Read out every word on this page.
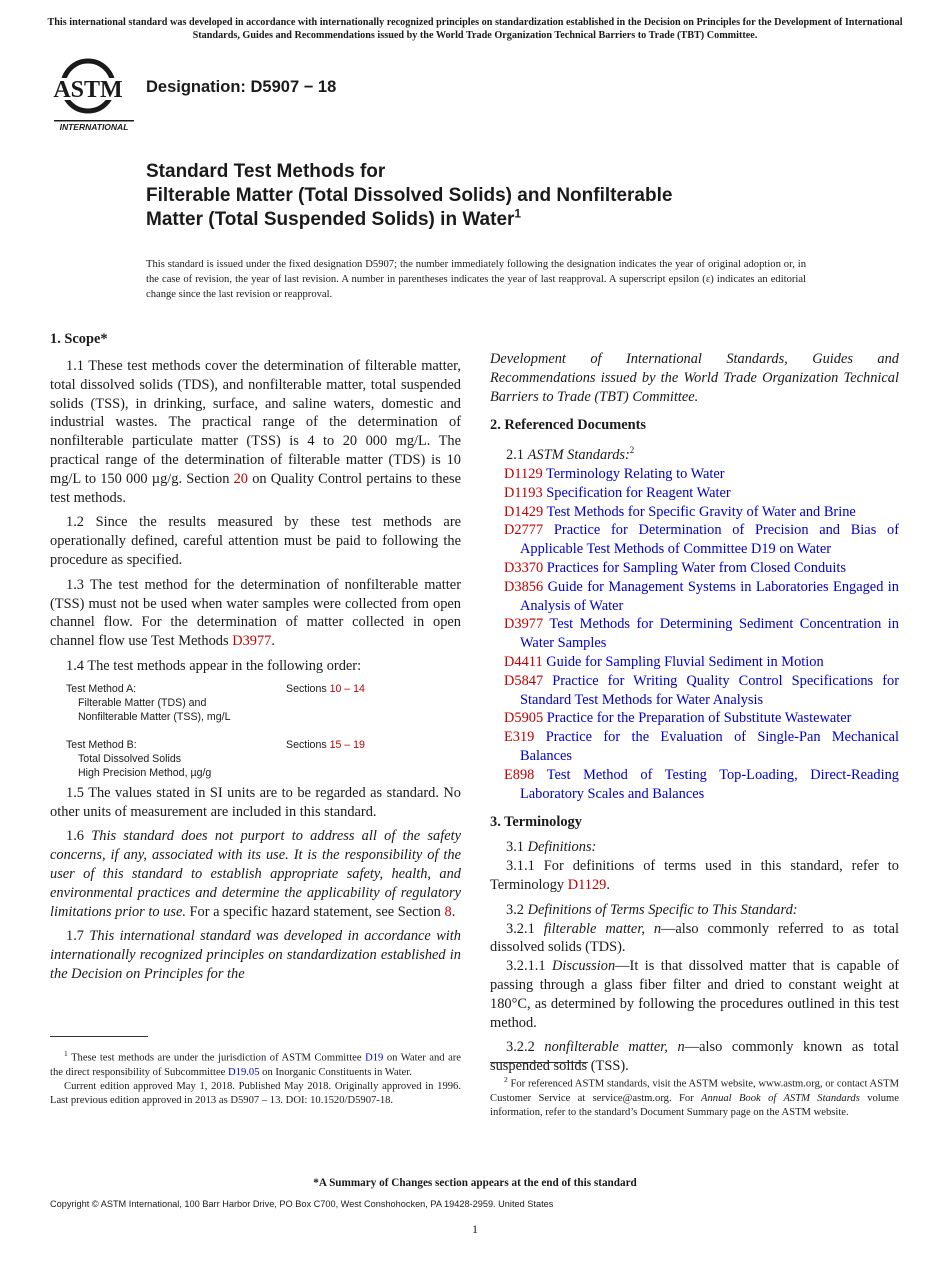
This international standard was developed in accordance with internationally recognized principles on standardization established in the Decision on Principles for the Development of International Standards, Guides and Recommendations issued by the World Trade Organization Technical Barriers to Trade (TBT) Committee.
ASTM
INTERNATIONAL
Designation: D5907 − 18
Standard Test Methods for
Filterable Matter (Total Dissolved Solids) and Nonfilterable
Matter (Total Suspended Solids) in Water$^1$
This standard is issued under the fixed designation D5907; the number immediately following the designation indicates the year of original adoption or, in the case of revision, the year of last revision. A number in parentheses indicates the year of last reapproval. A superscript epsilon (ε) indicates an editorial change since the last revision or reapproval.
1. Scope*

1.1 These test methods cover the determination of filterable matter, total dissolved solids (TDS), and nonfilterable matter, total suspended solids (TSS), in drinking, surface, and saline waters, domestic and industrial wastes. The practical range of the determination of nonfilterable particulate matter (TSS) is 4 to 20 000 mg/L. The practical range of the determination of filterable matter (TDS) is 10 mg/L to 150 000 µg/g. Section 20 on Quality Control pertains to these test methods.

1.2 Since the results measured by these test methods are operationally defined, careful attention must be paid to following the procedure as specified.

1.3 The test method for the determination of nonfilterable matter (TSS) must not be used when water samples were collected from open channel flow. For the determination of matter collected in open channel flow use Test Methods D3977.

1.4 The test methods appear in the following order:

Test Method A:
Filterable Matter (TDS) and
Nonfilterable Matter (TSS), mg/L
Sections 10 – 14
Test Method B:
Total Dissolved Solids
High Precision Method, µg/g
Sections 15 – 19

1.5 The values stated in SI units are to be regarded as standard. No other units of measurement are included in this standard.

1.6 This standard does not purport to address all of the safety concerns, if any, associated with its use. It is the responsibility of the user of this standard to establish appropriate safety, health, and environmental practices and determine the applicability of regulatory limitations prior to use. For a specific hazard statement, see Section 8.

1.7 This international standard was developed in accordance with internationally recognized principles on standardization established in the Decision on Principles for the

$^1$ These test methods are under the jurisdiction of ASTM Committee D19 on Water and are the direct responsibility of Subcommittee D19.05 on Inorganic Constituents in Water.

Current edition approved May 1, 2018. Published May 2018. Originally approved in 1996. Last previous edition approved in 2013 as D5907 – 13. DOI: 10.1520/D5907-18.

Development of International Standards, Guides and Recommendations issued by the World Trade Organization Technical Barriers to Trade (TBT) Committee.

2. Referenced Documents

2.1 ASTM Standards:$^2$

D1129 Terminology Relating to Water

D1193 Specification for Reagent Water

D1429 Test Methods for Specific Gravity of Water and Brine

D2777 Practice for Determination of Precision and Bias of Applicable Test Methods of Committee D19 on Water

D3370 Practices for Sampling Water from Closed Conduits

D3856 Guide for Management Systems in Laboratories Engaged in Analysis of Water

D3977 Test Methods for Determining Sediment Concentration in Water Samples

D4411 Guide for Sampling Fluvial Sediment in Motion

D5847 Practice for Writing Quality Control Specifications for Standard Test Methods for Water Analysis

D5905 Practice for the Preparation of Substitute Wastewater

E319 Practice for the Evaluation of Single-Pan Mechanical Balances

E898 Test Method of Testing Top-Loading, Direct-Reading Laboratory Scales and Balances

3. Terminology

3.1 Definitions:

3.1.1 For definitions of terms used in this standard, refer to Terminology D1129.

3.2 Definitions of Terms Specific to This Standard:

3.2.1 filterable matter, n—also commonly referred to as total dissolved solids (TDS).

3.2.1.1 Discussion—It is that dissolved matter that is capable of passing through a glass fiber filter and dried to constant weight at 180°C, as determined by following the procedures outlined in this test method.

3.2.2 nonfilterable matter, n—also commonly known as total suspended solids (TSS).

$^2$ For referenced ASTM standards, visit the ASTM website, www.astm.org, or contact ASTM Customer Service at service@astm.org. For Annual Book of ASTM Standards volume information, refer to the standard’s Document Summary page on the ASTM website.

*A Summary of Changes section appears at the end of this standard
Copyright © ASTM International, 100 Barr Harbor Drive, PO Box C700, West Conshohocken, PA 19428-2959. United States
1
